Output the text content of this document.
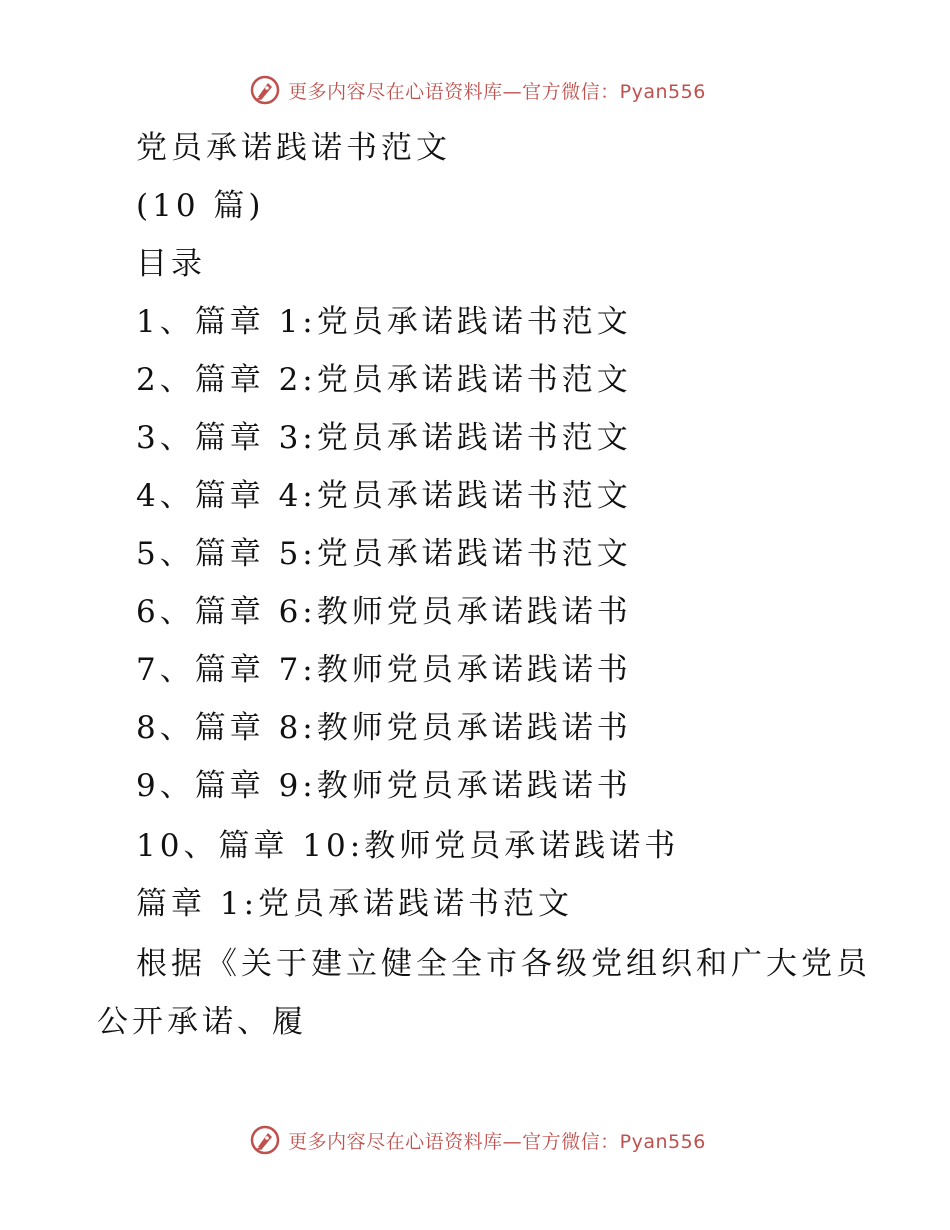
更多内容尽在心语资料库—官方微信：Pyan556
党员承诺践诺书范文
(10 篇)
目录
1、篇章 1:党员承诺践诺书范文
2、篇章 2:党员承诺践诺书范文
3、篇章 3:党员承诺践诺书范文
4、篇章 4:党员承诺践诺书范文
5、篇章 5:党员承诺践诺书范文
6、篇章 6:教师党员承诺践诺书
7、篇章 7:教师党员承诺践诺书
8、篇章 8:教师党员承诺践诺书
9、篇章 9:教师党员承诺践诺书
10、篇章 10:教师党员承诺践诺书
篇章 1:党员承诺践诺书范文
根据《关于建立健全全市各级党组织和广大党员
公开承诺、履
更多内容尽在心语资料库—官方微信：Pyan556
